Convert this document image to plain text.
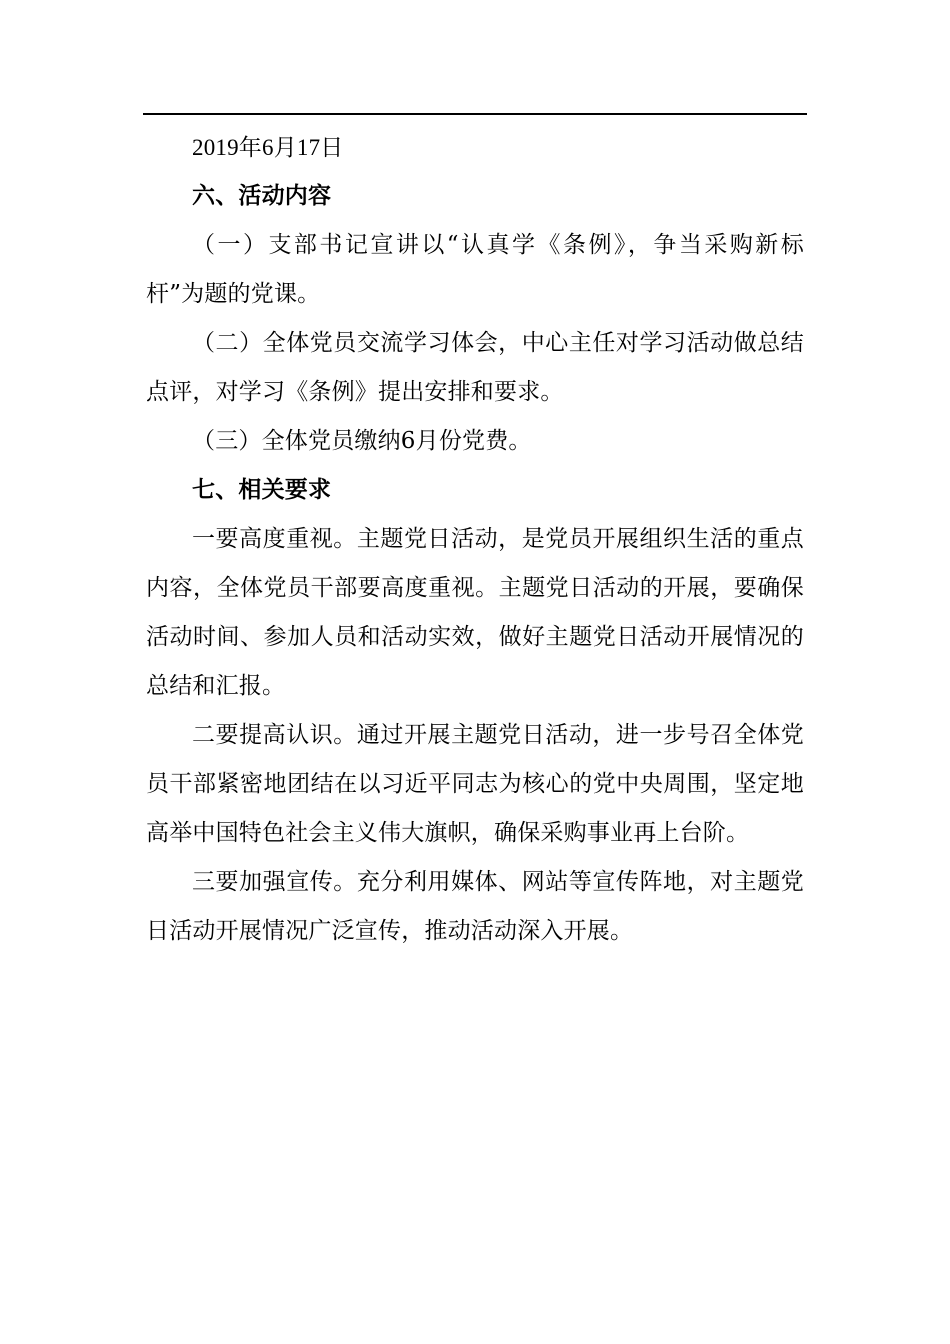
2019年6月17日

六、活动内容

（一）支部书记宣讲以“认真学《条例》，争当采购新标杆”为题的党课。

（二）全体党员交流学习体会，中心主任对学习活动做总结点评，对学习《条例》提出安排和要求。

（三）全体党员缴纳6月份党费。

七、相关要求

一要高度重视。主题党日活动，是党员开展组织生活的重点内容，全体党员干部要高度重视。主题党日活动的开展，要确保活动时间、参加人员和活动实效，做好主题党日活动开展情况的总结和汇报。

二要提高认识。通过开展主题党日活动，进一步号召全体党员干部紧密地团结在以习近平同志为核心的党中央周围，坚定地高举中国特色社会主义伟大旗帜，确保采购事业再上台阶。

三要加强宣传。充分利用媒体、网站等宣传阵地，对主题党日活动开展情况广泛宣传，推动活动深入开展。
